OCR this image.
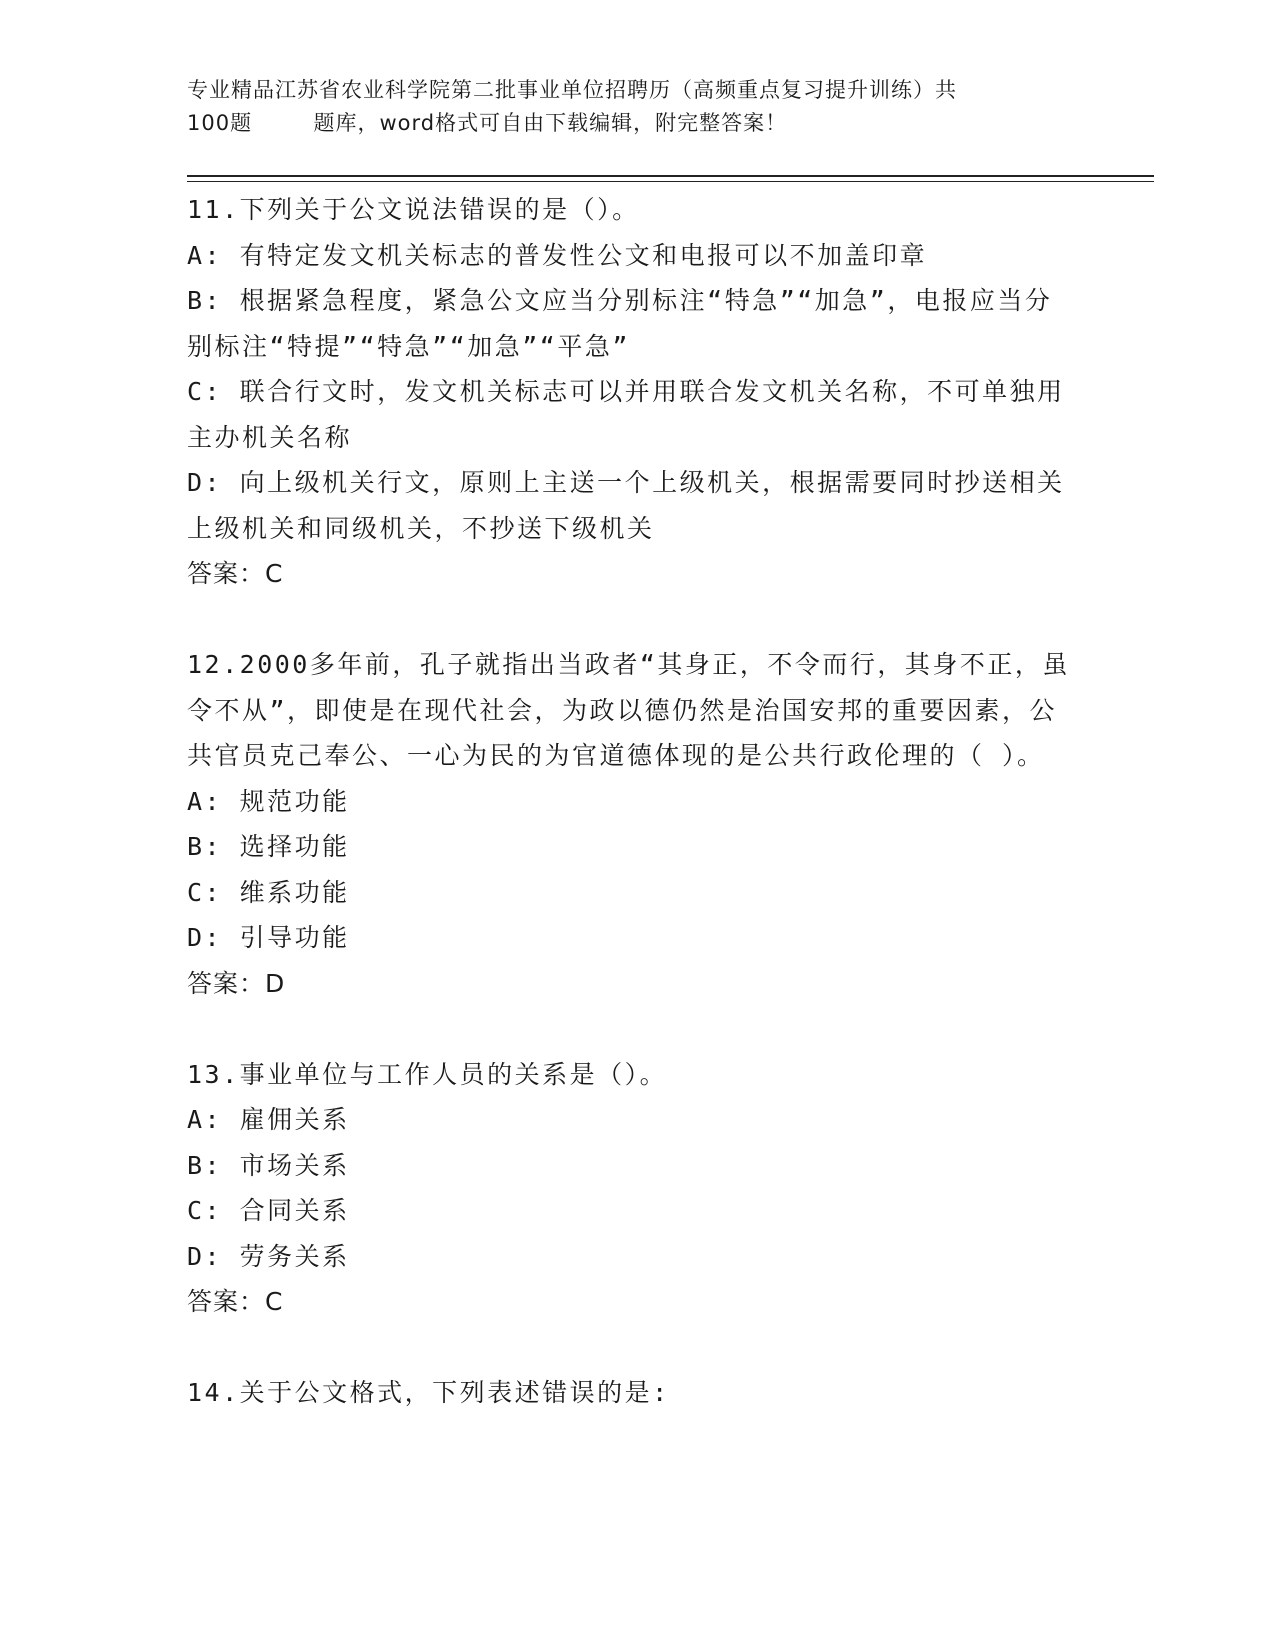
专业精品江苏省农业科学院第二批事业单位招聘历（高频重点复习提升训练）共
100题        题库，word格式可自由下载编辑，附完整答案！

11.下列关于公文说法错误的是（）。

A: 有特定发文机关标志的普发性公文和电报可以不加盖印章

B: 根据紧急程度，紧急公文应当分别标注“特急”“加急”，电报应当分别标注“特提”“特急”“加急”“平急”

C: 联合行文时，发文机关标志可以并用联合发文机关名称，不可单独用主办机关名称

D: 向上级机关行文，原则上主送一个上级机关，根据需要同时抄送相关上级机关和同级机关，不抄送下级机关

答案：C

12.2000多年前，孔子就指出当政者“其身正，不令而行，其身不正，虽令不从”，即使是在现代社会，为政以德仍然是治国安邦的重要因素，公共官员克己奉公、一心为民的为官道德体现的是公共行政伦理的（ ）。

A: 规范功能

B: 选择功能

C: 维系功能

D: 引导功能

答案：D

13.事业单位与工作人员的关系是（）。

A: 雇佣关系

B: 市场关系

C: 合同关系

D: 劳务关系

答案：C

14.关于公文格式，下列表述错误的是:
